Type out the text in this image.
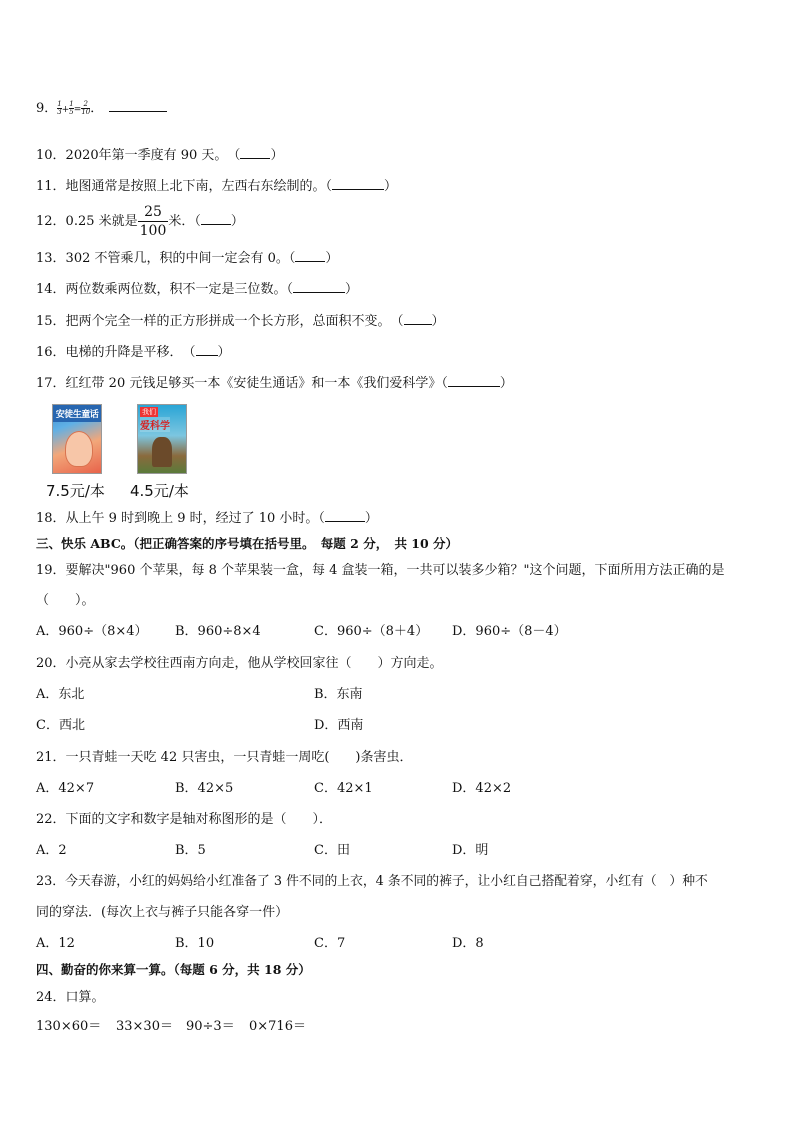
9． $\frac{1}{3} + \frac{1}{5} = \frac{2}{10}$ ．
10．2020年第一季度有 90 天。　（ ）
11．地图通常是按照上北下南，左西右东绘制的。（	）
12．0.25 米就是 $\frac{25}{100}$ 米．（ ）
13．302 不管乘几，积的中间一定会有 0。（ ）
14．两位数乘两位数，积不一定是三位数。（	）
15．把两个完全一样的正方形拼成一个长方形，总面积不变。　（ ）
16．电梯的升降是平移．　（ ）
17．红红带 20 元钱足够买一本《安徒生通话》和一本《我们爱科学》（	）
安徒生童话
7.5元/本
我们
爱科学
4.5元/本
18．从上午 9 时到晚上 9 时，经过了 10 小时。（	）
三、快乐 ABC。（把正确答案的序号填在括号里。　每题 2 分，　共 10 分）
19．要解决"960 个苹果，每 8 个苹果装一盒，每 4 盒装一箱，一共可以装多少箱？"这个问题，下面所用方法正确的是
（　　）。
A．960÷（8×4） B．960÷8×4	C．960÷（8＋4） D．960÷（8－4）
20．小亮从家去学校往西南方向走，他从学校回家往（　　）方向走。
A．东北	B．东南
C．西北	D．西南
21．一只青蛙一天吃 42 只害虫，一只青蛙一周吃(　　)条害虫．
A．42×7	B．42×5	C．42×1	D．42×2
22．下面的文字和数字是轴对称图形的是（　　）．
A．2	B．5	C．田	D．明
23．今天春游，小红的妈妈给小红准备了 3 件不同的上衣，4 条不同的裤子，让小红自己搭配着穿，小红有（　）种不
同的穿法．(每次上衣与裤子只能各穿一件）
A．12	B．10	C．7	D．8
四、勤奋的你来算一算。（每题 6 分，共 18 分）
24．口算。
130×60＝ 33×30＝ 90÷3＝ 0×716＝
